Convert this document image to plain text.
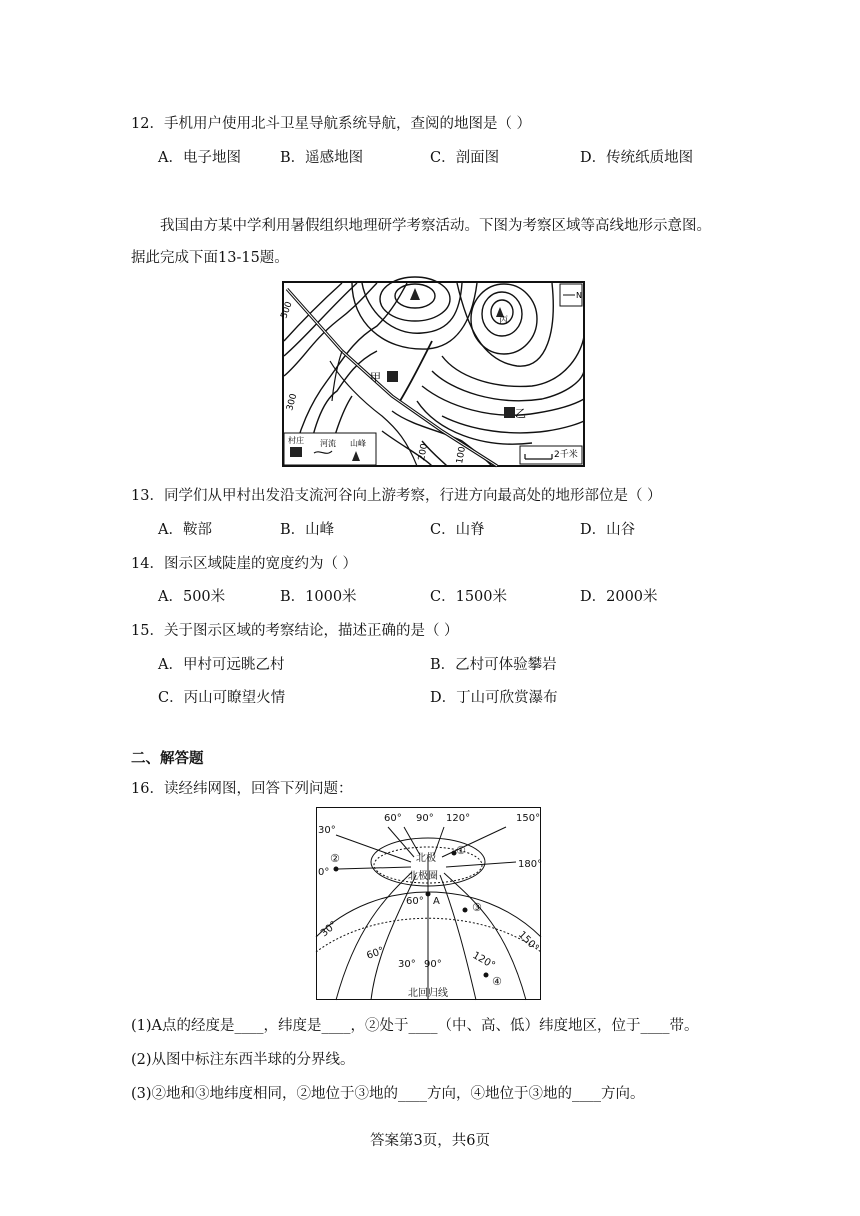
12．手机用户使用北斗卫星导航系统导航，查阅的地图是（ ）
A．电子地图	B．遥感地图	C．剖面图	D．传统纸质地图
我国由方某中学利用暑假组织地理研学考察活动。下图为考察区域等高线地形示意图。
据此完成下面13-15题。
甲
乙
丙
N
500
300
200	100
村庄 河流 山峰
2千米
13．同学们从甲村出发沿支流河谷向上游考察，行进方向最高处的地形部位是（ ）
A．鞍部	B．山峰	C．山脊	D．山谷
14．图示区域陡崖的宽度约为（ ）
A．500米	B．1000米	C．1500米	D．2000米
15．关于图示区域的考察结论，描述正确的是（ ）
A．甲村可远眺乙村	B．乙村可体验攀岩
C．丙山可瞭望火情	D．丁山可欣赏瀑布
二、解答题
16．读经纬网图，回答下列问题：
60° 90° 120°	150°
30°
0°
180°
北极
北极圈
60° A
30°
60°
30° 90°	120°
150°
北回归线
②
①
③
④
(1)A点的经度是____，纬度是____，②处于____（中、高、低）纬度地区，位于____带。
(2)从图中标注东西半球的分界线。
(3)②地和③地纬度相同，②地位于③地的____方向，④地位于③地的____方向。
答案第3页，共6页
